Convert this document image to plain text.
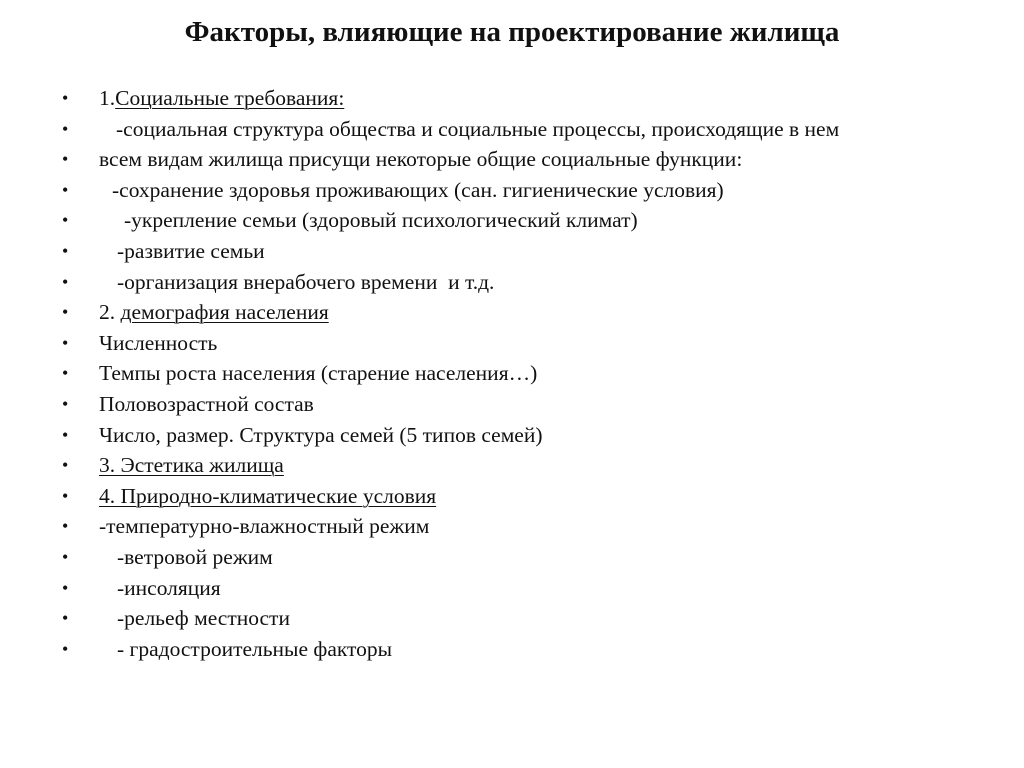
Факторы, влияющие на проектирование жилища
•	1.Социальные требования:
•	-социальная структура общества и социальные процессы, происходящие в нем
•	всем видам жилища присущи некоторые общие социальные функции:
•	-сохранение здоровья проживающих (сан. гигиенические условия)
•	-укрепление семьи (здоровый психологический климат)
•	-развитие семьи
•	-организация внерабочего времени  и т.д.
•	2. демография населения
•	Численность
•	Темпы роста населения (старение населения…)
•	Половозрастной состав
•	Число, размер. Структура семей (5 типов семей)
•	3. Эстетика жилища
•	4. Природно-климатические условия
•	-температурно-влажностный режим
•	-ветровой режим
•	-инсоляция
•	-рельеф местности
•	- градостроительные факторы
